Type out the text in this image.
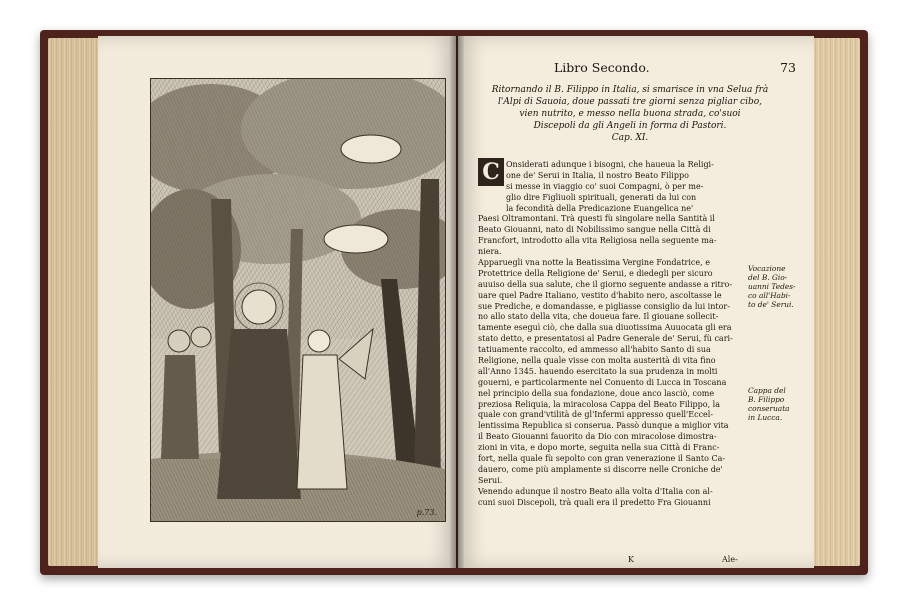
p.73.
Libro Secondo.	73
Ritornando il B. Filippo in Italia, si smarisce in vna Selua frà
l'Alpi di Sauoia, doue passati tre giorni senza pigliar cibo,
vien nutrito, e messo nella buona strada, co'suoi
Discepoli da gli Angeli in forma di Pastori.
Cap. XI.
C Onsiderati adunque i bisogni, che haueua la Religi-
one de' Serui in Italia, il nostro Beato Filippo
si messe in viaggio co' suoi Compagni, ò per me-
glio dire Figliuoli spirituali, generati da lui con
la fecondità della Predicazione Euangelica ne'
Paesi Oltramontani. Trà questi fù singolare nella Santità il
Beato Giouanni, nato di Nobilissimo sangue nella Città di
Francfort, introdotto alla vita Religiosa nella seguente ma-
niera.
Apparuegli vna notte la Beatissima Vergine Fondatrice, e
Protettrice della Religione de' Serui, e diedegli per sicuro
auuiso della sua salute, che il giorno seguente andasse a ritro-
uare quel Padre Italiano, vestito d'habito nero, ascoltasse le
sue Prediche, e domandasse, e pigliasse consiglio da lui intor-
no allo stato della vita, che doueua fare. Il giouane sollecit-
tamente eseguì ciò, che dalla sua diuotissima Auuocata gli era
stato detto, e presentatosi al Padre Generale de' Serui, fù cari-
tatiuamente raccolto, ed ammesso all'habito Santo di sua
Religione, nella quale visse con molta austerità di vita fino
all'Anno 1345. hauendo esercitato la sua prudenza in molti
gouerni, e particolarmente nel Conuento di Lucca in Toscana
nel principio della sua fondazione, doue anco lasciò, come
preziosa Reliquia, la miracolosa Cappa del Beato Filippo, la
quale con grand'vtilità de gl'Infermi appresso quell'Eccel-
lentissima Republica si conserua. Passò dunque a miglior vita
il Beato Giouanni fauorito da Dio con miracolose dimostra-
zioni in vita, e dopo morte, seguita nella sua Città di Franc-
fort, nella quale fù sepolto con gran venerazione il Santo Ca-
dauero, come più amplamente si discorre nelle Croniche de'
Serui.
Venendo adunque il nostro Beato alla volta d'Italia con al-
cuni suoi Discepoli, trà quali era il predetto Fra Giouanni
Vocazione
del B. Gio-
uanni Tedes-
co all'Habi-
to de' Serui.
Cappa del
B. Filippo
conseruata
in Lucca.
K	Ale-
